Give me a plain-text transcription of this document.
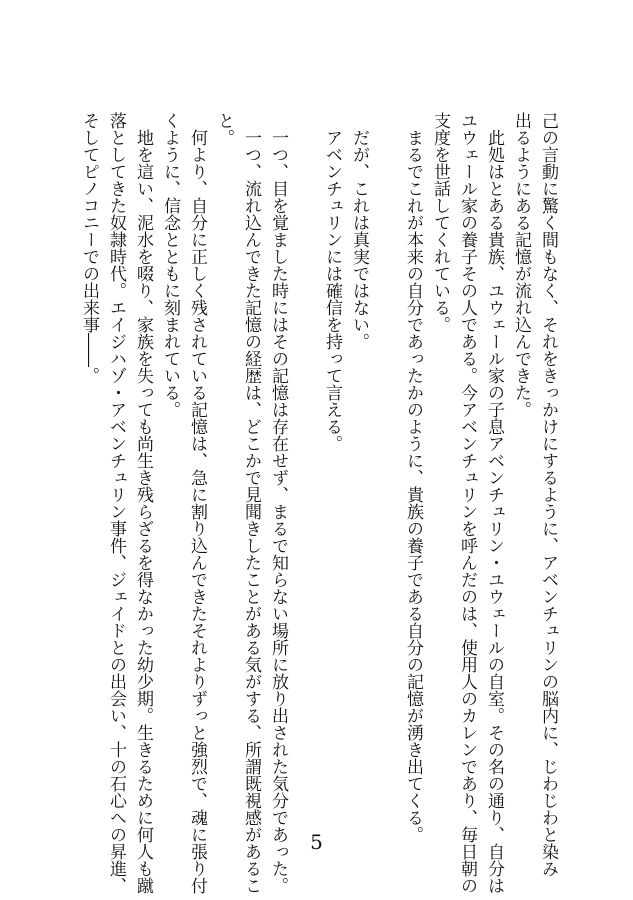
己の言動に驚く間もなく、それをきっかけにするように、アベンチュリンの脳内に、じわじわと染み
出るようにある記憶が流れ込んできた。
　此処はとある貴族、ユウェール家の子息アベンチュリン・ユウェールの自室。その名の通り、自分は
ユウェール家の養子その人である。今アベンチュリンを呼んだのは、使用人のカレンであり、毎日朝の
支度を世話してくれている。
　まるでこれが本来の自分であったかのように、貴族の養子である自分の記憶が湧き出てくる。
　だが、これは真実ではない。
　アベンチュリンには確信を持って言える。
　一つ、目を覚ました時にはその記憶は存在せず、まるで知らない場所に放り出された気分であった。
　一つ、流れ込んできた記憶の経歴は、どこかで見聞きしたことがある気がする、所謂既視感があるこ
と。
　何より、自分に正しく残されている記憶は、急に割り込んできたそれよりずっと強烈で、魂に張り付
くように、信念とともに刻まれている。
　地を這い、泥水を啜り、家族を失っても尚生き残らざるを得なかった幼少期。生きるために何人も蹴
落としてきた奴隷時代。エイジハゾ・アベンチュリン事件、ジェイドとの出会い、十の石心への昇進、
そしてピノコニーでの出来事――。
5
